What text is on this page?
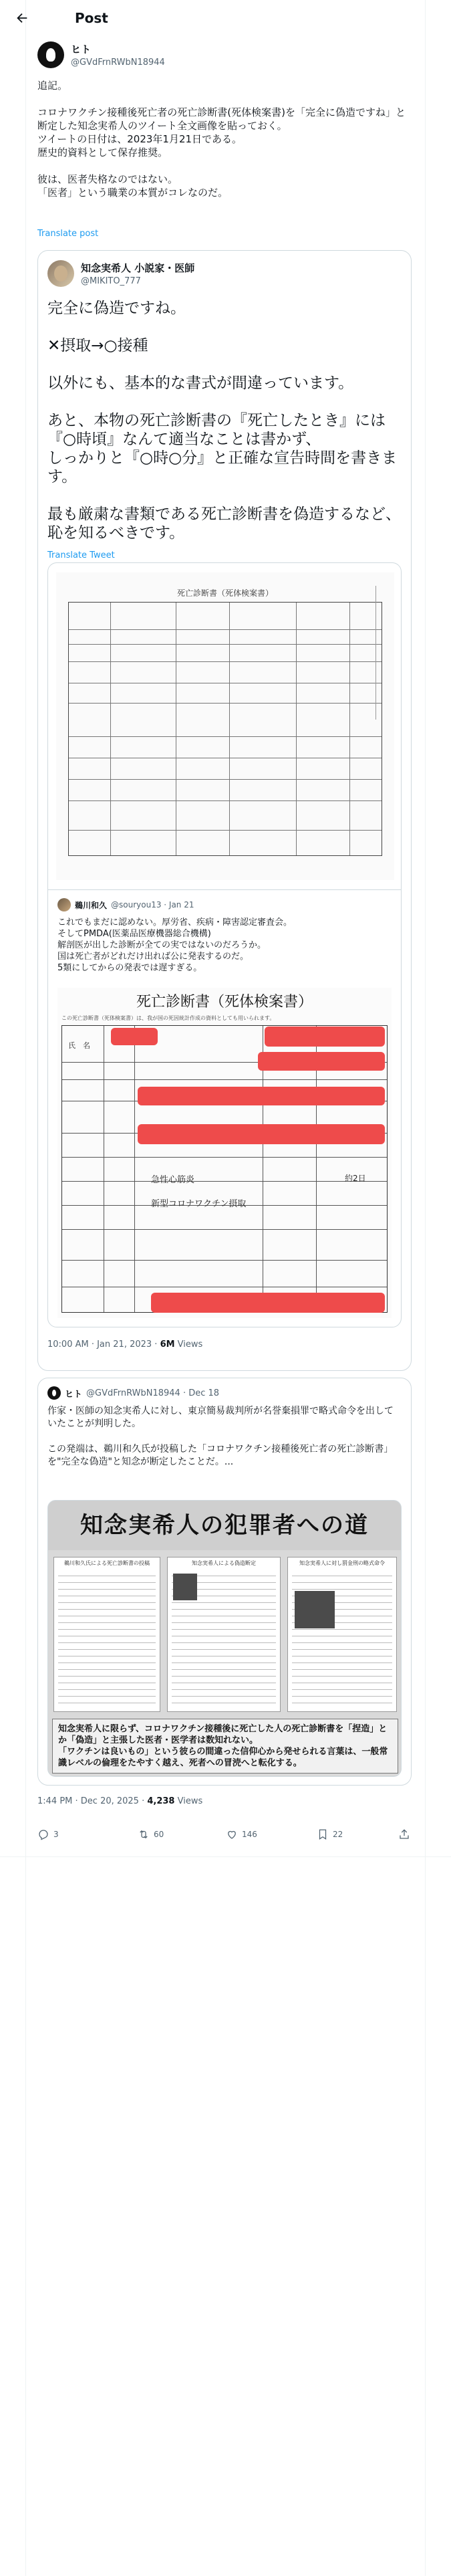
Post
ヒト
@GVdFrnRWbN18944

追記。

コロナワクチン接種後死亡者の死亡診断書(死体検案書)を「完全に偽造ですね」と断定した知念実希人のツイート全文画像を貼っておく。
ツイートの日付は、2023年1月21日である。
歴史的資料として保存推奨。

彼は、医者失格なのではない。
「医者」という職業の本質がコレなのだ。

Translate post
知念実希人 小説家・医師
@MIKITO_777

完全に偽造ですね。

✕摂取→○接種

以外にも、基本的な書式が間違っています。

あと、本物の死亡診断書の『死亡したとき』には『○時頃』なんて適当なことは書かず、
しっかりと『○時○分』と正確な宣告時間を書きます。

最も厳粛な書類である死亡診断書を偽造するなど、恥を知るべきです。

Translate Tweet
死亡診断書（死体検案書）
鵜川和久 @souryou13 · Jan 21
これでもまだに認めない。厚労省、疾病・障害認定審査会。
そしてPMDA(医薬品医療機器総合機構)
解剖医が出した診断が全ての実ではないのだろうか。
国は死亡者がどれだけ出れば公に発表するのだ。
5類にしてからの発表では遅すぎる。
死亡診断書（死体検案書）
この死亡診断書（死体検案書）は、我が国の死因統計作成の資料としても用いられます。
氏　名
急性心筋炎
新型コロナワクチン摂取
約2日
10:00 AM · Jan 21, 2023 · 6M Views
ヒト @GVdFrnRWbN18944 · Dec 18

作家・医師の知念実希人に対し、東京簡易裁判所が名誉棄損罪で略式命令を出していたことが判明した。

この発端は、鵜川和久氏が投稿した「コロナワクチン接種後死亡者の死亡診断書」を"完全な偽造"と知念が断定したことだ。...

知念実希人の犯罪者への道
鵜川和久氏による死亡診断書の投稿	知念実希人による偽造断定	知念実希人に対し罰金刑の略式命令
知念実希人に限らず、コロナワクチン接種後に死亡した人の死亡診断書を「捏造」とか「偽造」と主張した医者・医学者は数知れない。
「ワクチンは良いもの」という彼らの間違った信仰心から発せられる言葉は、一般常識レベルの倫理をたやすく越え、死者への冒涜へと転化する。
1:44 PM · Dec 20, 2025 · 4,238 Views
3	60	146	22
